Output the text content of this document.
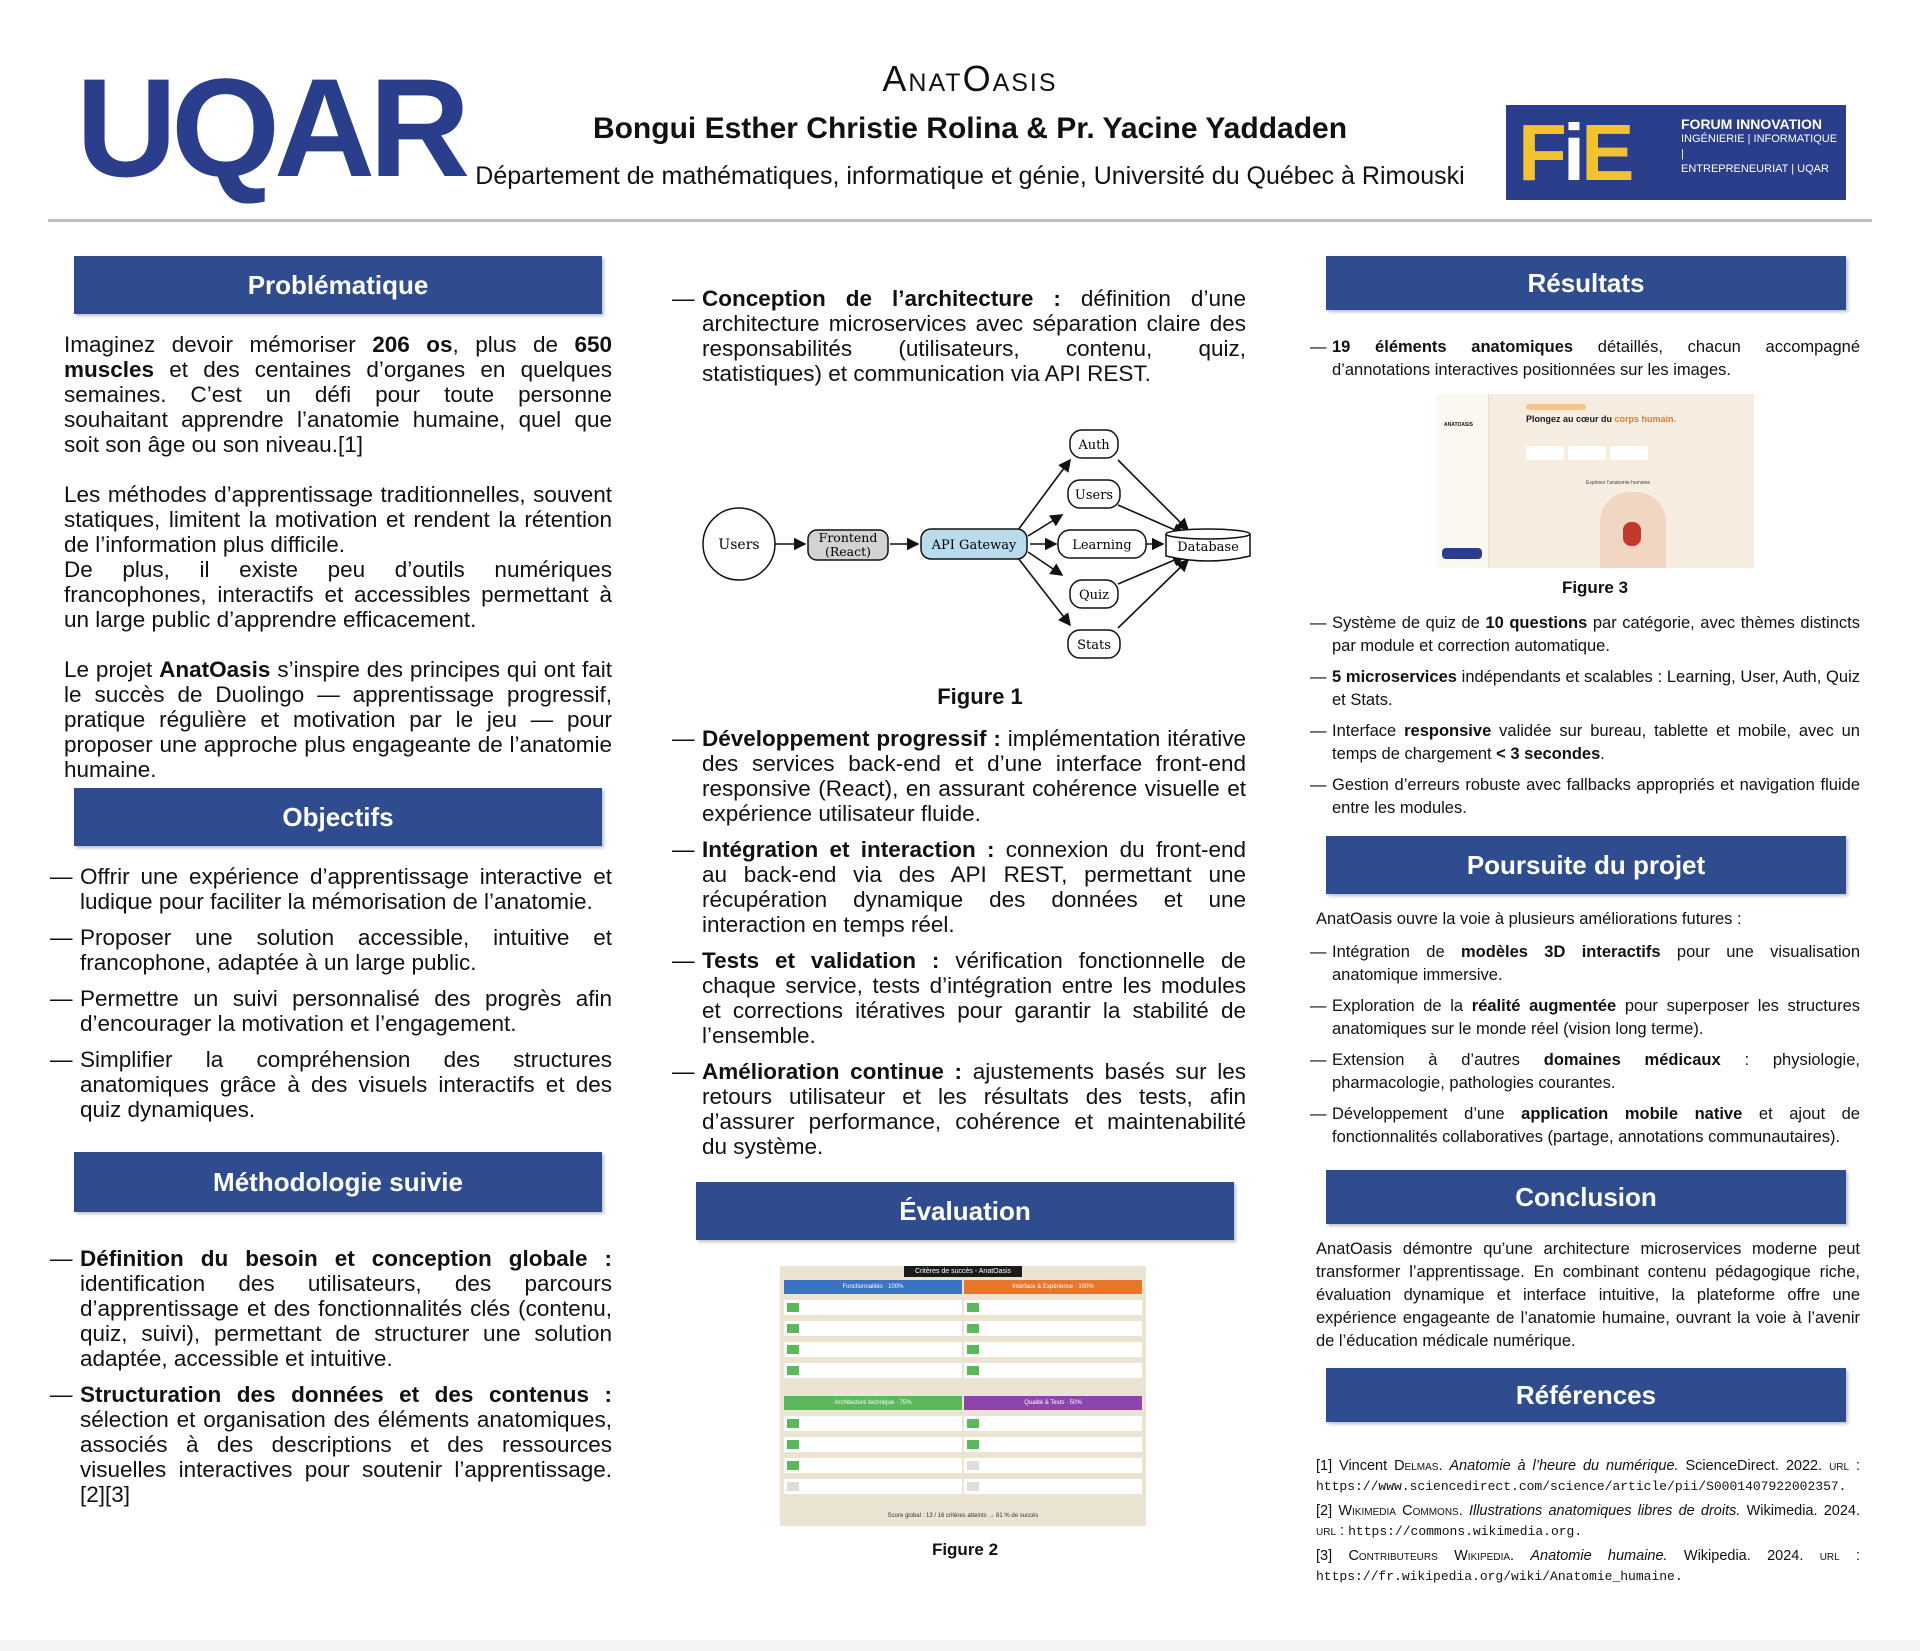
UQAR	AnatOasis
Bongui Esther Christie Rolina & Pr. Yacine Yaddaden
Département de mathématiques, informatique et génie, Université du Québec à Rimouski FiE	FORUM INNOVATION
INGÉNIERIE | INFORMATIQUE |
ENTREPRENEURIAT | UQAR
Problématique

Imaginez devoir mémoriser 206 os, plus de 650 muscles et des centaines d’organes en quelques semaines. C’est un défi pour toute personne souhaitant apprendre l’anatomie humaine, quel que soit son âge ou son niveau.[1]

Les méthodes d’apprentissage traditionnelles, souvent statiques, limitent la motivation et rendent la rétention de l’information plus difficile.

De plus, il existe peu d’outils numériques francophones, interactifs et accessibles permettant à un large public d’apprendre efficacement.

Le projet AnatOasis s’inspire des principes qui ont fait le succès de Duolingo — apprentissage progressif, pratique régulière et motivation par le jeu — pour proposer une approche plus engageante de l’anatomie humaine.

Objectifs
— Offrir une expérience d’apprentissage interactive et ludique pour faciliter la mémorisation de l’anatomie.
— Proposer une solution accessible, intuitive et francophone, adaptée à un large public.
— Permettre un suivi personnalisé des progrès afin d’encourager la motivation et l’engagement.
— Simplifier la compréhension des structures anatomiques grâce à des visuels interactifs et des quiz dynamiques.
Méthodologie suivie
— Définition du besoin et conception globale : identification des utilisateurs, des parcours d’apprentissage et des fonctionnalités clés (contenu, quiz, suivi), permettant de structurer une solution adaptée, accessible et intuitive.
— Structuration des données et des contenus : sélection et organisation des éléments anatomiques, associés à des descriptions et des ressources visuelles interactives pour soutenir l’apprentissage.[2][3]
— Conception de l’architecture : définition d’une architecture microservices avec séparation claire des responsabilités (utilisateurs, contenu, quiz, statistiques) et communication via API REST.
Users	Frontend
(React)	API Gateway
Auth
Users
Learning
Quiz
Stats
Database
Figure 1
— Développement progressif : implémentation itérative des services back-end et d’une interface front-end responsive (React), en assurant cohérence visuelle et expérience utilisateur fluide.
— Intégration et interaction : connexion du front-end au back-end via des API REST, permettant une récupération dynamique des données et une interaction en temps réel.
— Tests et validation : vérification fonctionnelle de chaque service, tests d’intégration entre les modules et corrections itératives pour garantir la stabilité de l’ensemble.
— Amélioration continue : ajustements basés sur les retours utilisateur et les résultats des tests, afin d’assurer performance, cohérence et maintenabilité du système.
Évaluation
Critères de succès - AnatOasis
Fonctionnalités · 100%	Interface & Expérience · 100%
Architecture technique · 75%	Qualité & Tests · 50%
Score global : 13 / 16 critères atteints → 81 % de succès
Figure 2
Résultats
— 19 éléments anatomiques détaillés, chacun accompagné d’annotations interactives positionnées sur les images.
ANATOASIS
Plongez au cœur du corps humain.
Explorez l’anatomie humaine
Figure 3
— Système de quiz de 10 questions par catégorie, avec thèmes distincts par module et correction automatique.
— 5 microservices indépendants et scalables : Learning, User, Auth, Quiz et Stats.
— Interface responsive validée sur bureau, tablette et mobile, avec un temps de chargement < 3 secondes.
— Gestion d’erreurs robuste avec fallbacks appropriés et navigation fluide entre les modules.
Poursuite du projet

AnatOasis ouvre la voie à plusieurs améliorations futures :

— Intégration de modèles 3D interactifs pour une visualisation anatomique immersive.
— Exploration de la réalité augmentée pour superposer les structures anatomiques sur le monde réel (vision long terme).
— Extension à d’autres domaines médicaux : physiologie, pharmacologie, pathologies courantes.
— Développement d’une application mobile native et ajout de fonctionnalités collaboratives (partage, annotations communautaires).
Conclusion
AnatOasis démontre qu’une architecture microservices moderne peut transformer l’apprentissage. En combinant contenu pédagogique riche, évaluation dynamique et interface intuitive, la plateforme offre une expérience engageante de l’anatomie humaine, ouvrant la voie à l’avenir de l’éducation médicale numérique.
Références
[1] Vincent Delmas. Anatomie à l’heure du numérique. ScienceDirect. 2022. url : https://www.sciencedirect.com/science/article/pii/S0001407922002357.
[2] Wikimedia Commons. Illustrations anatomiques libres de droits. Wikimedia. 2024. url : https://commons.wikimedia.org.
[3] Contributeurs Wikipedia. Anatomie humaine. Wikipedia. 2024. url : https://fr.wikipedia.org/wiki/Anatomie_humaine.
